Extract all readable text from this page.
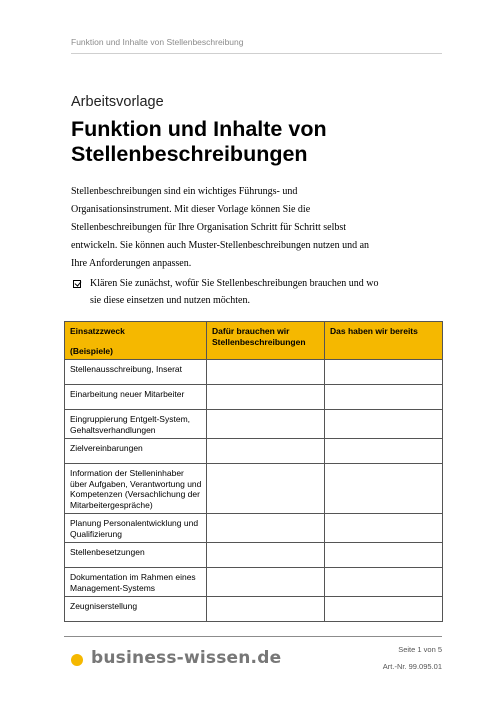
Funktion und Inhalte von Stellenbeschreibung
Arbeitsvorlage
Funktion und Inhalte von Stellenbeschreibungen
Stellenbeschreibungen sind ein wichtiges Führungs- und Organisationsinstrument. Mit dieser Vorlage können Sie die Stellenbeschreibungen für Ihre Organisation Schritt für Schritt selbst entwickeln. Sie können auch Muster-Stellenbeschreibungen nutzen und an Ihre Anforderungen anpassen.
Klären Sie zunächst, wofür Sie Stellenbeschreibungen brauchen und wo sie diese einsetzen und nutzen möchten.
Einsatzzweck
(Beispiele)	Dafür brauchen wir Stellenbeschreibungen	Das haben wir bereits
Stellenausschreibung, Inserat		
Einarbeitung neuer Mitarbeiter		
Eingruppierung Entgelt-System, Gehaltsverhandlungen		
Zielvereinbarungen		
Information der Stelleninhaber über Aufgaben, Verantwortung und Kompetenzen (Versachlichung der Mitarbeitergespräche)		
Planung Personalentwicklung und Qualifizierung		
Stellenbesetzungen		
Dokumentation im Rahmen eines Management-Systems		
Zeugniserstellung		
business-wissen.de	Seite 1 von 5
Art.-Nr. 99.095.01
